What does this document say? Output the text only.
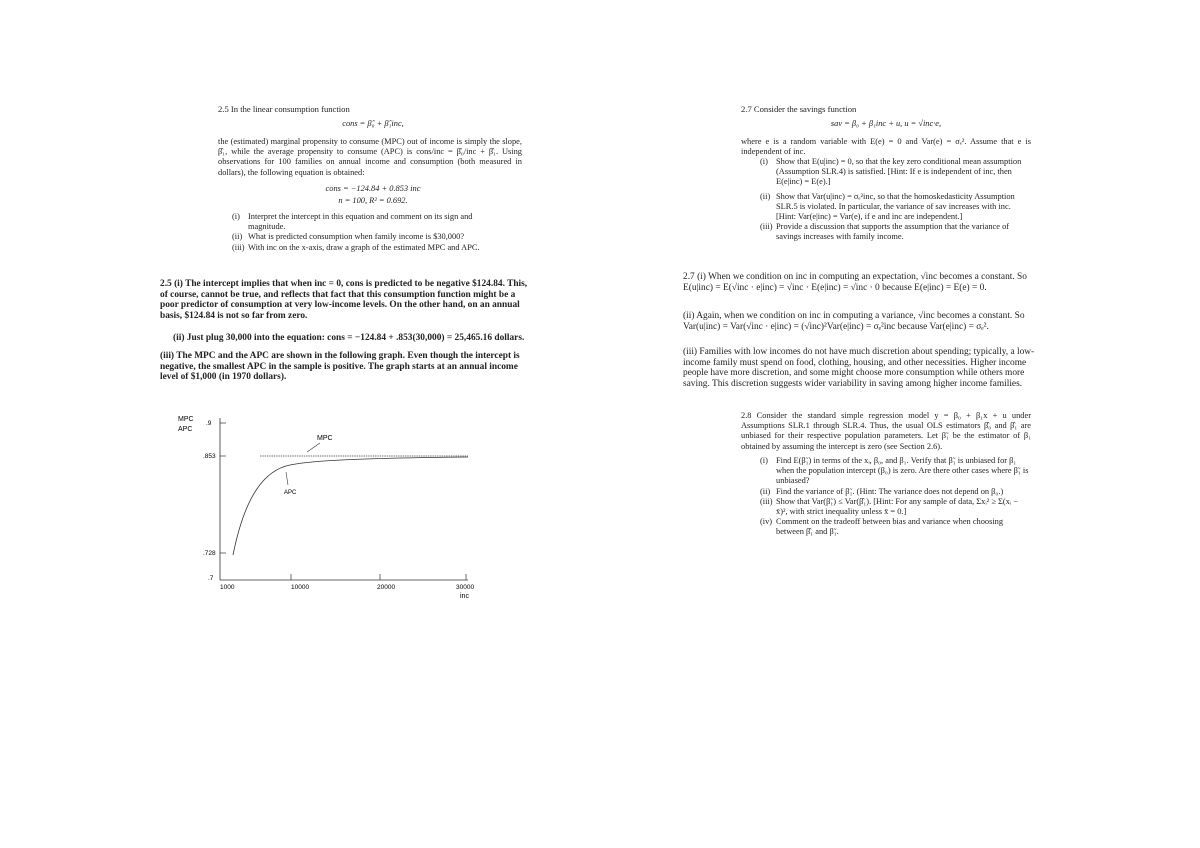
2.5 In the linear consumption function
cons = β̂₀ + β̂₁inc,
the (estimated) marginal propensity to consume (MPC) out of income is simply the slope, β̂₁, while the average propensity to consume (APC) is cons/inc = β̂₀/inc + β̂₁. Using observations for 100 families on annual income and consumption (both measured in dollars), the following equation is obtained:
cons = −124.84 + 0.853 inc
n = 100, R² = 0.692.
(i) Interpret the intercept in this equation and comment on its sign and magnitude.
(ii) What is predicted consumption when family income is $30,000?
(iii) With inc on the x-axis, draw a graph of the estimated MPC and APC.
2.5 (i) The intercept implies that when inc = 0, cons is predicted to be negative $124.84. This, of course, cannot be true, and reflects that fact that this consumption function might be a poor predictor of consumption at very low-income levels. On the other hand, on an annual basis, $124.84 is not so far from zero.
(ii) Just plug 30,000 into the equation: cons = −124.84 + .853(30,000) = 25,465.16 dollars.
(iii) The MPC and the APC are shown in the following graph. Even though the intercept is negative, the smallest APC in the sample is positive. The graph starts at an annual income level of $1,000 (in 1970 dollars).
MPC
APC
.9
.853
.728
.7
1000	10000	20000	30000
inc
MPC
APC
2.7 Consider the savings function
sav = β₀ + β₁inc + u, u = √inc·e,
where e is a random variable with E(e) = 0 and Var(e) = σₑ². Assume that e is independent of inc.
(i) Show that E(u|inc) = 0, so that the key zero conditional mean assumption (Assumption SLR.4) is satisfied. [Hint: If e is independent of inc, then E(e|inc) = E(e).]
(ii) Show that Var(u|inc) = σₑ²inc, so that the homoskedasticity Assumption SLR.5 is violated. In particular, the variance of sav increases with inc. [Hint: Var(e|inc) = Var(e), if e and inc are independent.]
(iii) Provide a discussion that supports the assumption that the variance of savings increases with family income.
2.7 (i) When we condition on inc in computing an expectation, √inc becomes a constant. So E(u|inc) = E(√inc · e|inc) = √inc · E(e|inc) = √inc · 0 because E(e|inc) = E(e) = 0.
(ii) Again, when we condition on inc in computing a variance, √inc becomes a constant. So Var(u|inc) = Var(√inc · e|inc) = (√inc)²Var(e|inc) = σₑ²inc because Var(e|inc) = σₑ².
(iii) Families with low incomes do not have much discretion about spending; typically, a low-income family must spend on food, clothing, housing, and other necessities. Higher income people have more discretion, and some might choose more consumption while others more saving. This discretion suggests wider variability in saving among higher income families.
2.8 Consider the standard simple regression model y = β₀ + β₁x + u under Assumptions SLR.1 through SLR.4. Thus, the usual OLS estimators β̂₀ and β̂₁ are unbiased for their respective population parameters. Let β̃₁ be the estimator of β₁ obtained by assuming the intercept is zero (see Section 2.6).
(i) Find E(β̃₁) in terms of the xᵢ, β₀, and β₁. Verify that β̃₁ is unbiased for β₁ when the population intercept (β₀) is zero. Are there other cases where β̃₁ is unbiased?
(ii) Find the variance of β̃₁. (Hint: The variance does not depend on β₀.)
(iii) Show that Var(β̃₁) ≤ Var(β̂₁). [Hint: For any sample of data, Σxᵢ² ≥ Σ(xᵢ − x̄)², with strict inequality unless x̄ = 0.]
(iv) Comment on the tradeoff between bias and variance when choosing between β̂₁ and β̃₁.
